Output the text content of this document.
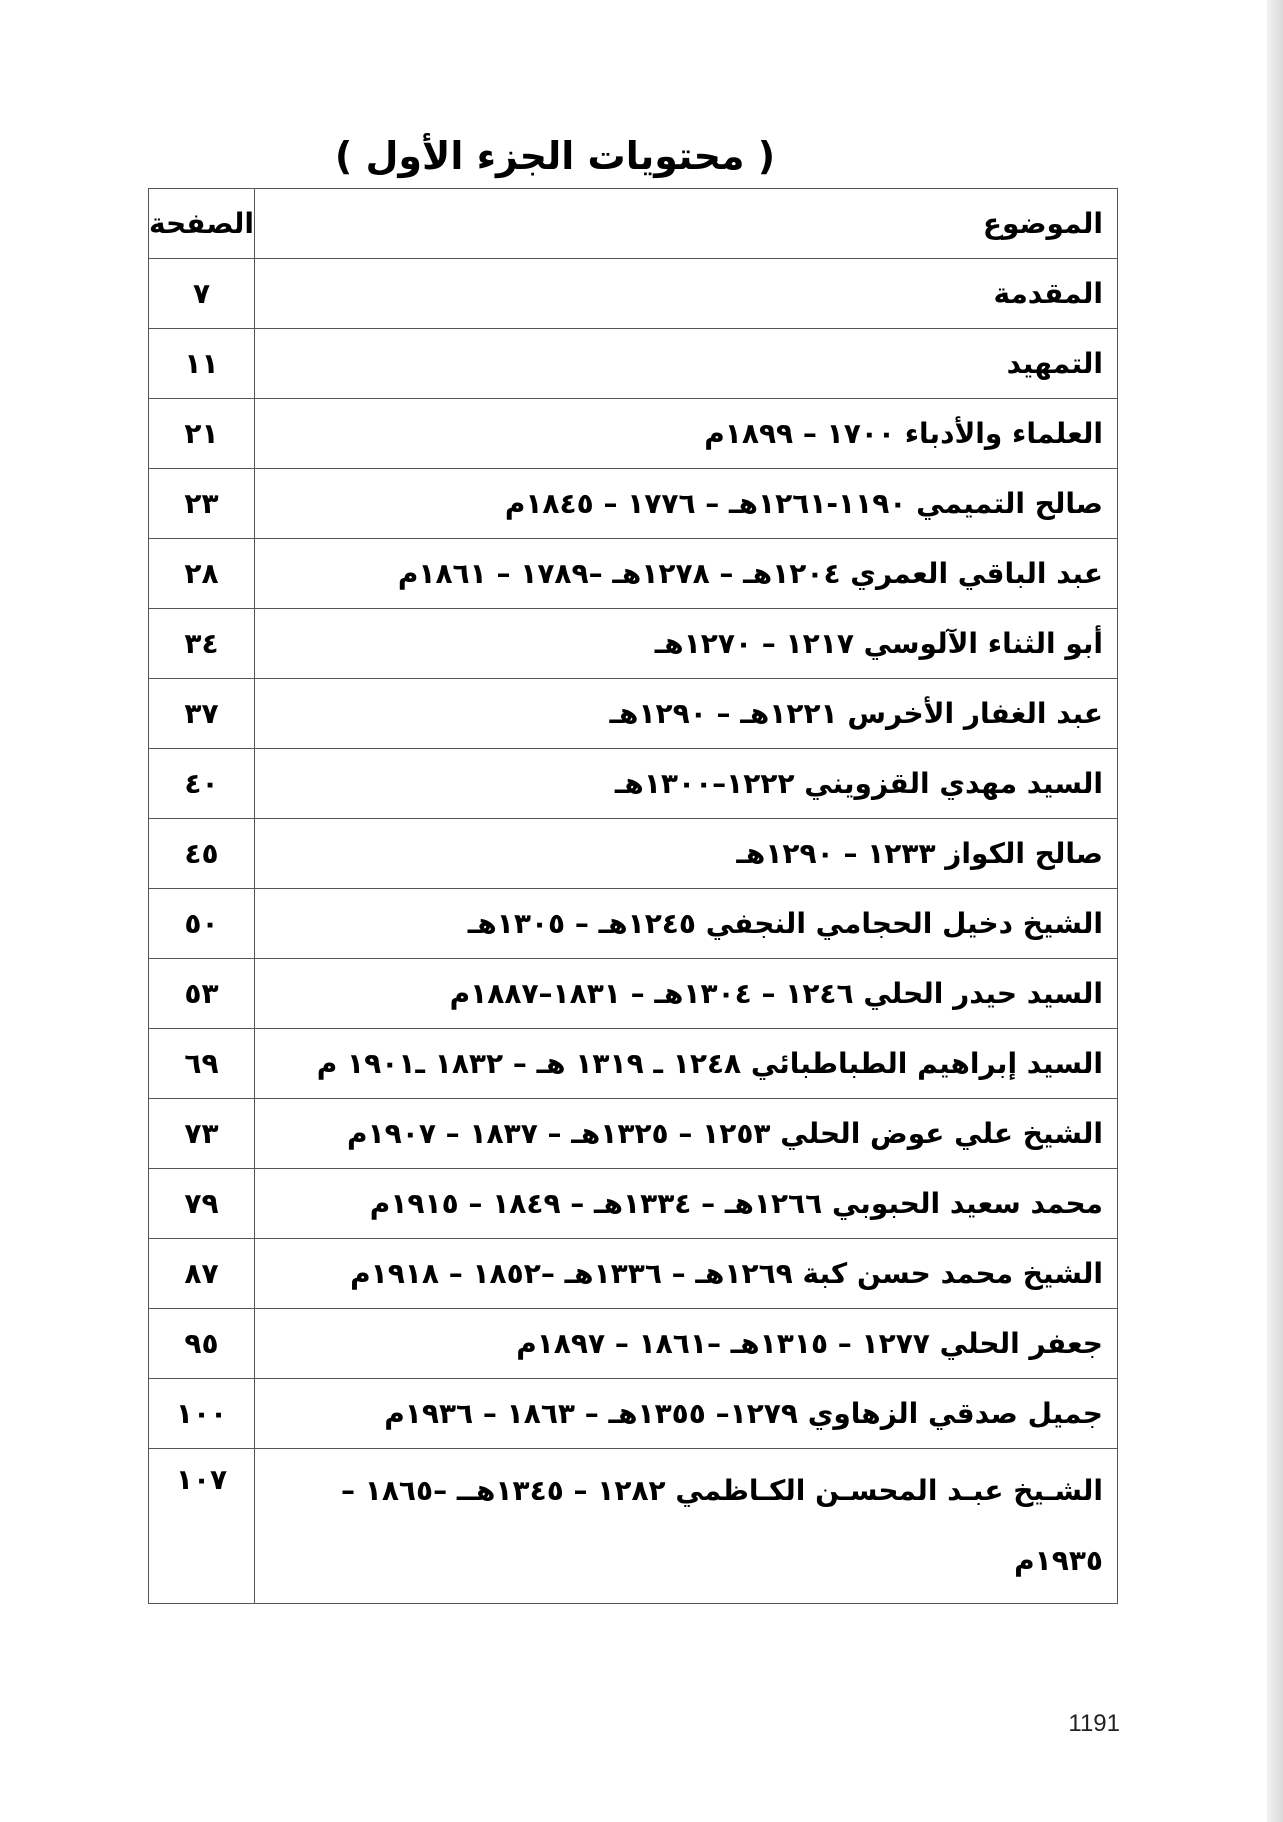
( محتويات الجزء الأول )
الموضوع	الصفحة
المقدمة	٧
التمهيد	١١
العلماء والأدباء ١٧٠٠ – ١٨٩٩م	٢١
صالح التميمي ١١٩٠-١٢٦١هـ – ١٧٧٦ – ١٨٤٥م	٢٣
عبد الباقي العمري ١٢٠٤هـ – ١٢٧٨هـ –١٧٨٩ – ١٨٦١م	٢٨
أبو الثناء الآلوسي ١٢١٧ – ١٢٧٠هـ	٣٤
عبد الغفار الأخرس ١٢٢١هـ – ١٢٩٠هـ	٣٧
السيد مهدي القزويني ١٢٢٢–١٣٠٠هـ	٤٠
صالح الكواز ١٢٣٣ – ١٢٩٠هـ	٤٥
الشيخ دخيل الحجامي النجفي ١٢٤٥هـ – ١٣٠٥هـ	٥٠
السيد حيدر الحلي ١٢٤٦ – ١٣٠٤هـ – ١٨٣١–١٨٨٧م	٥٣
السيد إبراهيم الطباطبائي ١٢٤٨ ـ ١٣١٩ هـ – ١٨٣٢ ـ١٩٠١ م	٦٩
الشيخ علي عوض الحلي ١٢٥٣ – ١٣٢٥هـ – ١٨٣٧ – ١٩٠٧م	٧٣
محمد سعيد الحبوبي ١٢٦٦هـ – ١٣٣٤هـ – ١٨٤٩ – ١٩١٥م	٧٩
الشيخ محمد حسن كبة ١٢٦٩هـ – ١٣٣٦هـ –١٨٥٢ – ١٩١٨م	٨٧
جعفر الحلي ١٢٧٧ – ١٣١٥هـ –١٨٦١ – ١٨٩٧م	٩٥
جميل صدقي الزهاوي ١٢٧٩– ١٣٥٥هـ – ١٨٦٣ – ١٩٣٦م	١٠٠
الشـيخ عبـد المحسـن الكـاظمي ١٢٨٢ – ١٣٤٥هــ –١٨٦٥ – ١٩٣٥م	١٠٧
1191
